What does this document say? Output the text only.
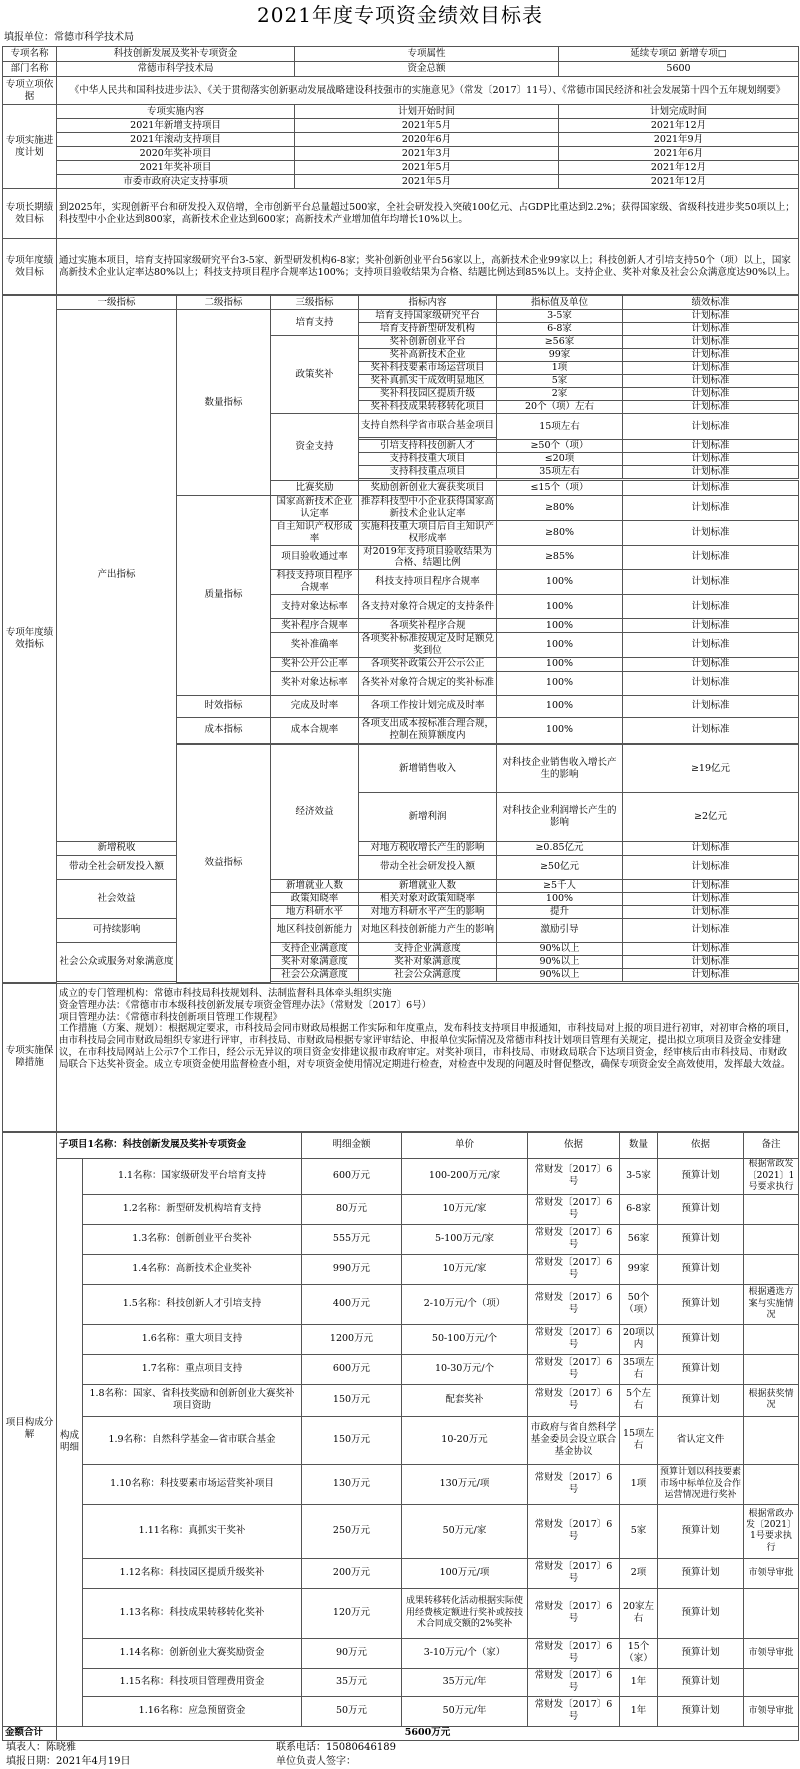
2021年度专项资金绩效目标表
填报单位：常德市科学技术局
专项名称	科技创新发展及奖补专项资金	专项属性	延续专项☑ 新增专项□
部门名称	常德市科学技术局	资金总额	5600
专项立项依据	《中华人民共和国科技进步法》、《关于贯彻落实创新驱动发展战略建设科技强市的实施意见》（常发〔2017〕11号）、《常德市国民经济和社会发展第十四个五年规划纲要》		
专项实施进度计划	专项实施内容	计划开始时间	计划完成时间
	2021年新增支持项目	2021年5月	2021年12月
	2021年滚动支持项目	2020年6月	2021年9月
	2020年奖补项目	2021年3月	2021年6月
	2021年奖补项目	2021年5月	2021年12月
	市委市政府决定支持事项	2021年5月	2021年12月
专项长期绩效目标	到2025年，实现创新平台和研发投入双倍增，全市创新平台总量超过500家，全社会研发投入突破100亿元、占GDP比重达到2.2%；获得国家级、省级科技进步奖50项以上；科技型中小企业达到800家，高新技术企业达到600家；高新技术产业增加值年均增长10%以上。		
专项年度绩效目标	通过实施本项目，培育支持国家级研究平台3-5家、新型研发机构6-8家；奖补创新创业平台56家以上，高新技术企业99家以上；科技创新人才引培支持50个（项）以上，国家高新技术企业认定率达80%以上；科技支持项目程序合规率达100%；支持项目验收结果为合格、结题比例达到85%以上。支持企业、奖补对象及社会公众满意度达90%以上。		
专项年度绩效指标	一级指标	二级指标	三级指标	指标内容	指标值及单位	绩效标准	
	产出指标	数量指标	培育支持	培育支持国家级研究平台	3-5家	计划标准	
				培育支持新型研发机构	6-8家	计划标准	
			政策奖补	奖补创新创业平台	≥56家	计划标准	
				奖补高新技术企业	99家	计划标准	
				奖补科技要素市场运营项目	1项	计划标准	
				奖补真抓实干成效明显地区	5家	计划标准	
				奖补科技园区提质升级	2家	计划标准	
				奖补科技成果转移转化项目	20个（项）左右	计划标准	
			资金支持	支持自然科学省市联合基金项目	15项左右	计划标准	

				引培支持科技创新人才	≥50个（项）	计划标准	
				支持科技重大项目	≤20项	计划标准	
				支持科技重点项目	35项左右	计划标准	

			比赛奖励	奖励创新创业大赛获奖项目	≤15个（项）	计划标准	
		质量指标	国家高新技术企业认定率	推荐科技型中小企业获得国家高新技术企业认定率	≥80%	计划标准	
			自主知识产权形成率	实施科技重大项目后自主知识产权形成率	≥80%	计划标准	
			项目验收通过率	对2019年支持项目验收结果为合格、结题比例	≥85%	计划标准	
			科技支持项目程序合规率	科技支持项目程序合规率	100%	计划标准	
			支持对象达标率	各支持对象符合规定的支持条件	100%	计划标准	
			奖补程序合规率	各项奖补程序合规	100%	计划标准	
			奖补准确率	各项奖补标准按规定及时足额兑奖到位	100%	计划标准	
			奖补公开公正率	各项奖补政策公开公示公正	100%	计划标准	
			奖补对象达标率	各奖补对象符合规定的奖补标准	100%	计划标准	
		时效指标	完成及时率	各项工作按计划完成及时率	100%	计划标准	
		成本指标	成本合规率	各项支出成本按标准合理合规，控制在预算额度内	100%	计划标准	

		效益指标	经济效益	新增销售收入	对科技企业销售收入增长产生的影响	≥19亿元	
				新增利润	对科技企业利润增长产生的影响	≥2亿元	
	新增税收			对地方税收增长产生的影响	≥0.85亿元	计划标准	
	带动全社会研发投入额			带动全社会研发投入额	≥50亿元	计划标准	
	社会效益		新增就业人数	新增就业人数	≥5千人	计划标准	
			政策知晓率	相关对象对政策知晓率	100%	计划标准	
			地方科研水平	对地方科研水平产生的影响	提升	计划标准	
	可持续影响		地区科技创新能力	对地区科技创新能力产生的影响	激励引导	计划标准	
	社会公众或服务对象满意度		支持企业满意度	支持企业满意度	90%以上	计划标准	
			奖补对象满意度	奖补对象满意度	90%以上	计划标准	
			社会公众满意度	社会公众满意度	90%以上	计划标准	

专项实施保障措施	成立的专门管理机构：常德市科技局科技规划科、法制监督科具体牵头组织实施
资金管理办法：《常德市市本级科技创新发展专项资金管理办法》（常财发〔2017〕6号）
项目管理办法：《常德市科技创新项目管理工作规程》
工作措施（方案、规划）：根据规定要求，市科技局会同市财政局根据工作实际和年度重点，发布科技支持项目申报通知，市科技局对上报的项目进行初审，对初审合格的项目，由市科技局会同市财政局组织专家进行评审，市科技局、市财政局根据专家评审结论、申报单位实际情况及常德市科技计划项目管理有关规定，提出拟立项项目及资金安排建议，在市科技局网站上公示7个工作日，经公示无异议的项目资金安排建议报市政府审定。对奖补项目，市科技局、市财政局联合下达项目资金，经审核后由市科技局、市财政局联合下达奖补资金。成立专项资金使用监督检查小组，对专项资金使用情况定期进行检查，对检查中发现的问题及时督促整改，确保专项资金安全高效使用，发挥最大效益。
项目构成分解	子项目1名称：科技创新发展及奖补专项资金		明细金额	单价	依据	数量	依据	备注
	构成明细	1.1名称：国家级研发平台培育支持	600万元	100-200万元/家	常财发〔2017〕6号	3-5家	预算计划	根据常政发〔2021〕1号要求执行
		1.2名称：新型研发机构培育支持	80万元	10万元/家	常财发〔2017〕6号	6-8家	预算计划	
		1.3名称：创新创业平台奖补	555万元	5-100万元/家	常财发〔2017〕6号	56家	预算计划	
		1.4名称：高新技术企业奖补	990万元	10万元/家	常财发〔2017〕6号	99家	预算计划	
		1.5名称：科技创新人才引培支持	400万元	2-10万元/个（项）	常财发〔2017〕6号	50个（项）	预算计划	根据遴选方案与实施情况
		1.6名称：重大项目支持	1200万元	50-100万元/个	常财发〔2017〕6号	20项以内	预算计划	
		1.7名称：重点项目支持	600万元	10-30万元/个	常财发〔2017〕6号	35项左右	预算计划	
		1.8名称：国家、省科技奖励和创新创业大赛奖补项目资助	150万元	配套奖补	常财发〔2017〕6号	5个左右	预算计划	根据获奖情况
		1.9名称：自然科学基金—省市联合基金	150万元	10-20万元	市政府与省自然科学基金委员会设立联合基金协议	15项左右	省认定文件	
		1.10名称：科技要素市场运营奖补项目	130万元	130万元/项	常财发〔2017〕6号	1项	预算计划以科技要素市场中标单位及合作运营情况进行奖补	
		1.11名称：真抓实干奖补	250万元	50万元/家	常财发〔2017〕6号	5家	预算计划	根据常政办发〔2021〕1号要求执行
		1.12名称：科技园区提质升级奖补	200万元	100万元/项	常财发〔2017〕6号	2项	预算计划	市领导审批
		1.13名称：科技成果转移转化奖补	120万元	成果转移转化活动根据实际使用经费核定额进行奖补或按技术合同成交额的2%奖补	常财发〔2017〕6号	20家左右	预算计划	
		1.14名称：创新创业大赛奖励资金	90万元	3-10万元/个（家）	常财发〔2017〕6号	15个（家）	预算计划	市领导审批
		1.15名称：科技项目管理费用资金	35万元	35万元/年	常财发〔2017〕6号	1年	预算计划	
		1.16名称：应急预留资金	50万元	50万元/年	常财发〔2017〕6号	1年	预算计划	市领导审批
金额合计	5600万元							
填表人：陈晓雅	联系电话：15080646189
填报日期：2021年4月19日	单位负责人签字：
